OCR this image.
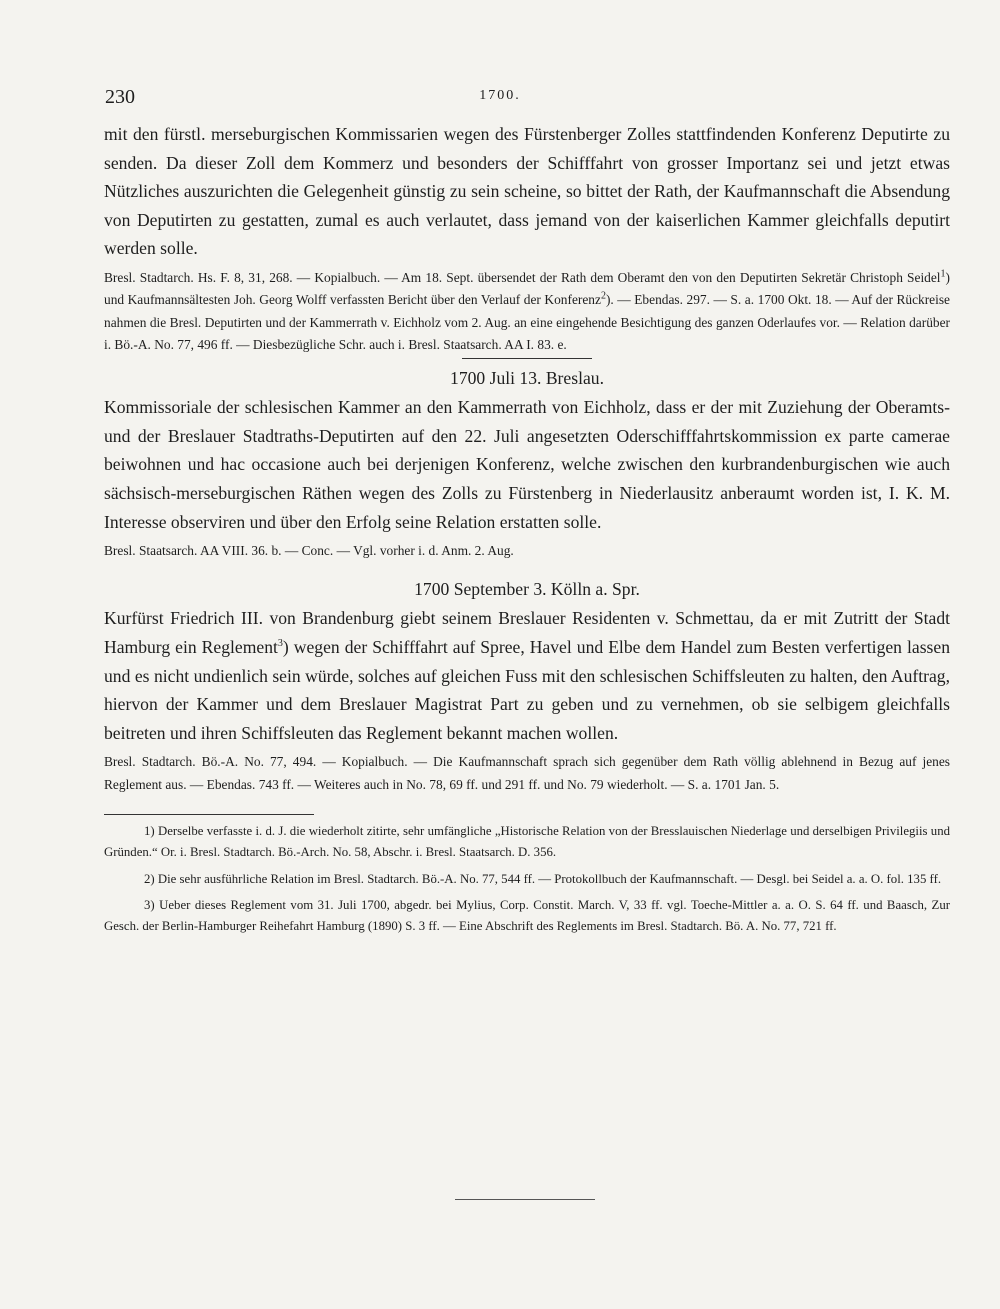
230	1700.

mit den fürstl. merseburgischen Kommissarien wegen des Fürstenberger Zolles stattfindenden Konferenz Deputirte zu senden. Da dieser Zoll dem Kommerz und besonders der Schifffahrt von grosser Importanz sei und jetzt etwas Nützliches auszurichten die Gelegenheit günstig zu sein scheine, so bittet der Rath, der Kaufmannschaft die Absendung von Deputirten zu gestatten, zumal es auch verlautet, dass jemand von der kaiserlichen Kammer gleichfalls deputirt werden solle.

Bresl. Stadtarch. Hs. F. 8, 31, 268. — Kopialbuch. — Am 18. Sept. übersendet der Rath dem Oberamt den von den Deputirten Sekretär Christoph Seidel$^1$) und Kaufmannsältesten Joh. Georg Wolff verfassten Bericht über den Verlauf der Konferenz$^2$). — Ebendas. 297. — S. a. 1700 Okt. 18. — Auf der Rückreise nahmen die Bresl. Deputirten und der Kammerrath v. Eichholz vom 2. Aug. an eine eingehende Besichtigung des ganzen Oderlaufes vor. — Relation darüber i. Bö.-A. No. 77, 496 ff. — Diesbezügliche Schr. auch i. Bresl. Staatsarch. AA I. 83. e.

1700 Juli 13. Breslau.

Kommissoriale der schlesischen Kammer an den Kammerrath von Eichholz, dass er der mit Zuziehung der Oberamts- und der Breslauer Stadtraths-Deputirten auf den 22. Juli angesetzten Oderschifffahrtskommission ex parte camerae beiwohnen und hac occasione auch bei derjenigen Konferenz, welche zwischen den kurbrandenburgischen wie auch sächsisch-merseburgischen Räthen wegen des Zolls zu Fürstenberg in Niederlausitz anberaumt worden ist, I. K. M. Interesse observiren und über den Erfolg seine Relation erstatten solle.

Bresl. Staatsarch. AA VIII. 36. b. — Conc. — Vgl. vorher i. d. Anm. 2. Aug.

1700 September 3. Kölln a. Spr.

Kurfürst Friedrich III. von Brandenburg giebt seinem Breslauer Residenten v. Schmettau, da er mit Zutritt der Stadt Hamburg ein Reglement$^3$) wegen der Schifffahrt auf Spree, Havel und Elbe dem Handel zum Besten verfertigen lassen und es nicht undienlich sein würde, solches auf gleichen Fuss mit den schlesischen Schiffsleuten zu halten, den Auftrag, hiervon der Kammer und dem Breslauer Magistrat Part zu geben und zu vernehmen, ob sie selbigem gleichfalls beitreten und ihren Schiffsleuten das Reglement bekannt machen wollen.

Bresl. Stadtarch. Bö.-A. No. 77, 494. — Kopialbuch. — Die Kaufmannschaft sprach sich gegenüber dem Rath völlig ablehnend in Bezug auf jenes Reglement aus. — Ebendas. 743 ff. — Weiteres auch in No. 78, 69 ff. und 291 ff. und No. 79 wiederholt. — S. a. 1701 Jan. 5.

1) Derselbe verfasste i. d. J. die wiederholt zitirte, sehr umfängliche „Historische Relation von der Bresslauischen Niederlage und derselbigen Privilegiis und Gründen.“ Or. i. Bresl. Stadtarch. Bö.-Arch. No. 58, Abschr. i. Bresl. Staatsarch. D. 356.

2) Die sehr ausführliche Relation im Bresl. Stadtarch. Bö.-A. No. 77, 544 ff. — Protokollbuch der Kaufmannschaft. — Desgl. bei Seidel a. a. O. fol. 135 ff.

3) Ueber dieses Reglement vom 31. Juli 1700, abgedr. bei Mylius, Corp. Constit. March. V, 33 ff. vgl. Toeche-Mittler a. a. O. S. 64 ff. und Baasch, Zur Gesch. der Berlin-Hamburger Reihefahrt Hamburg (1890) S. 3 ff. — Eine Abschrift des Reglements im Bresl. Stadtarch. Bö. A. No. 77, 721 ff.
